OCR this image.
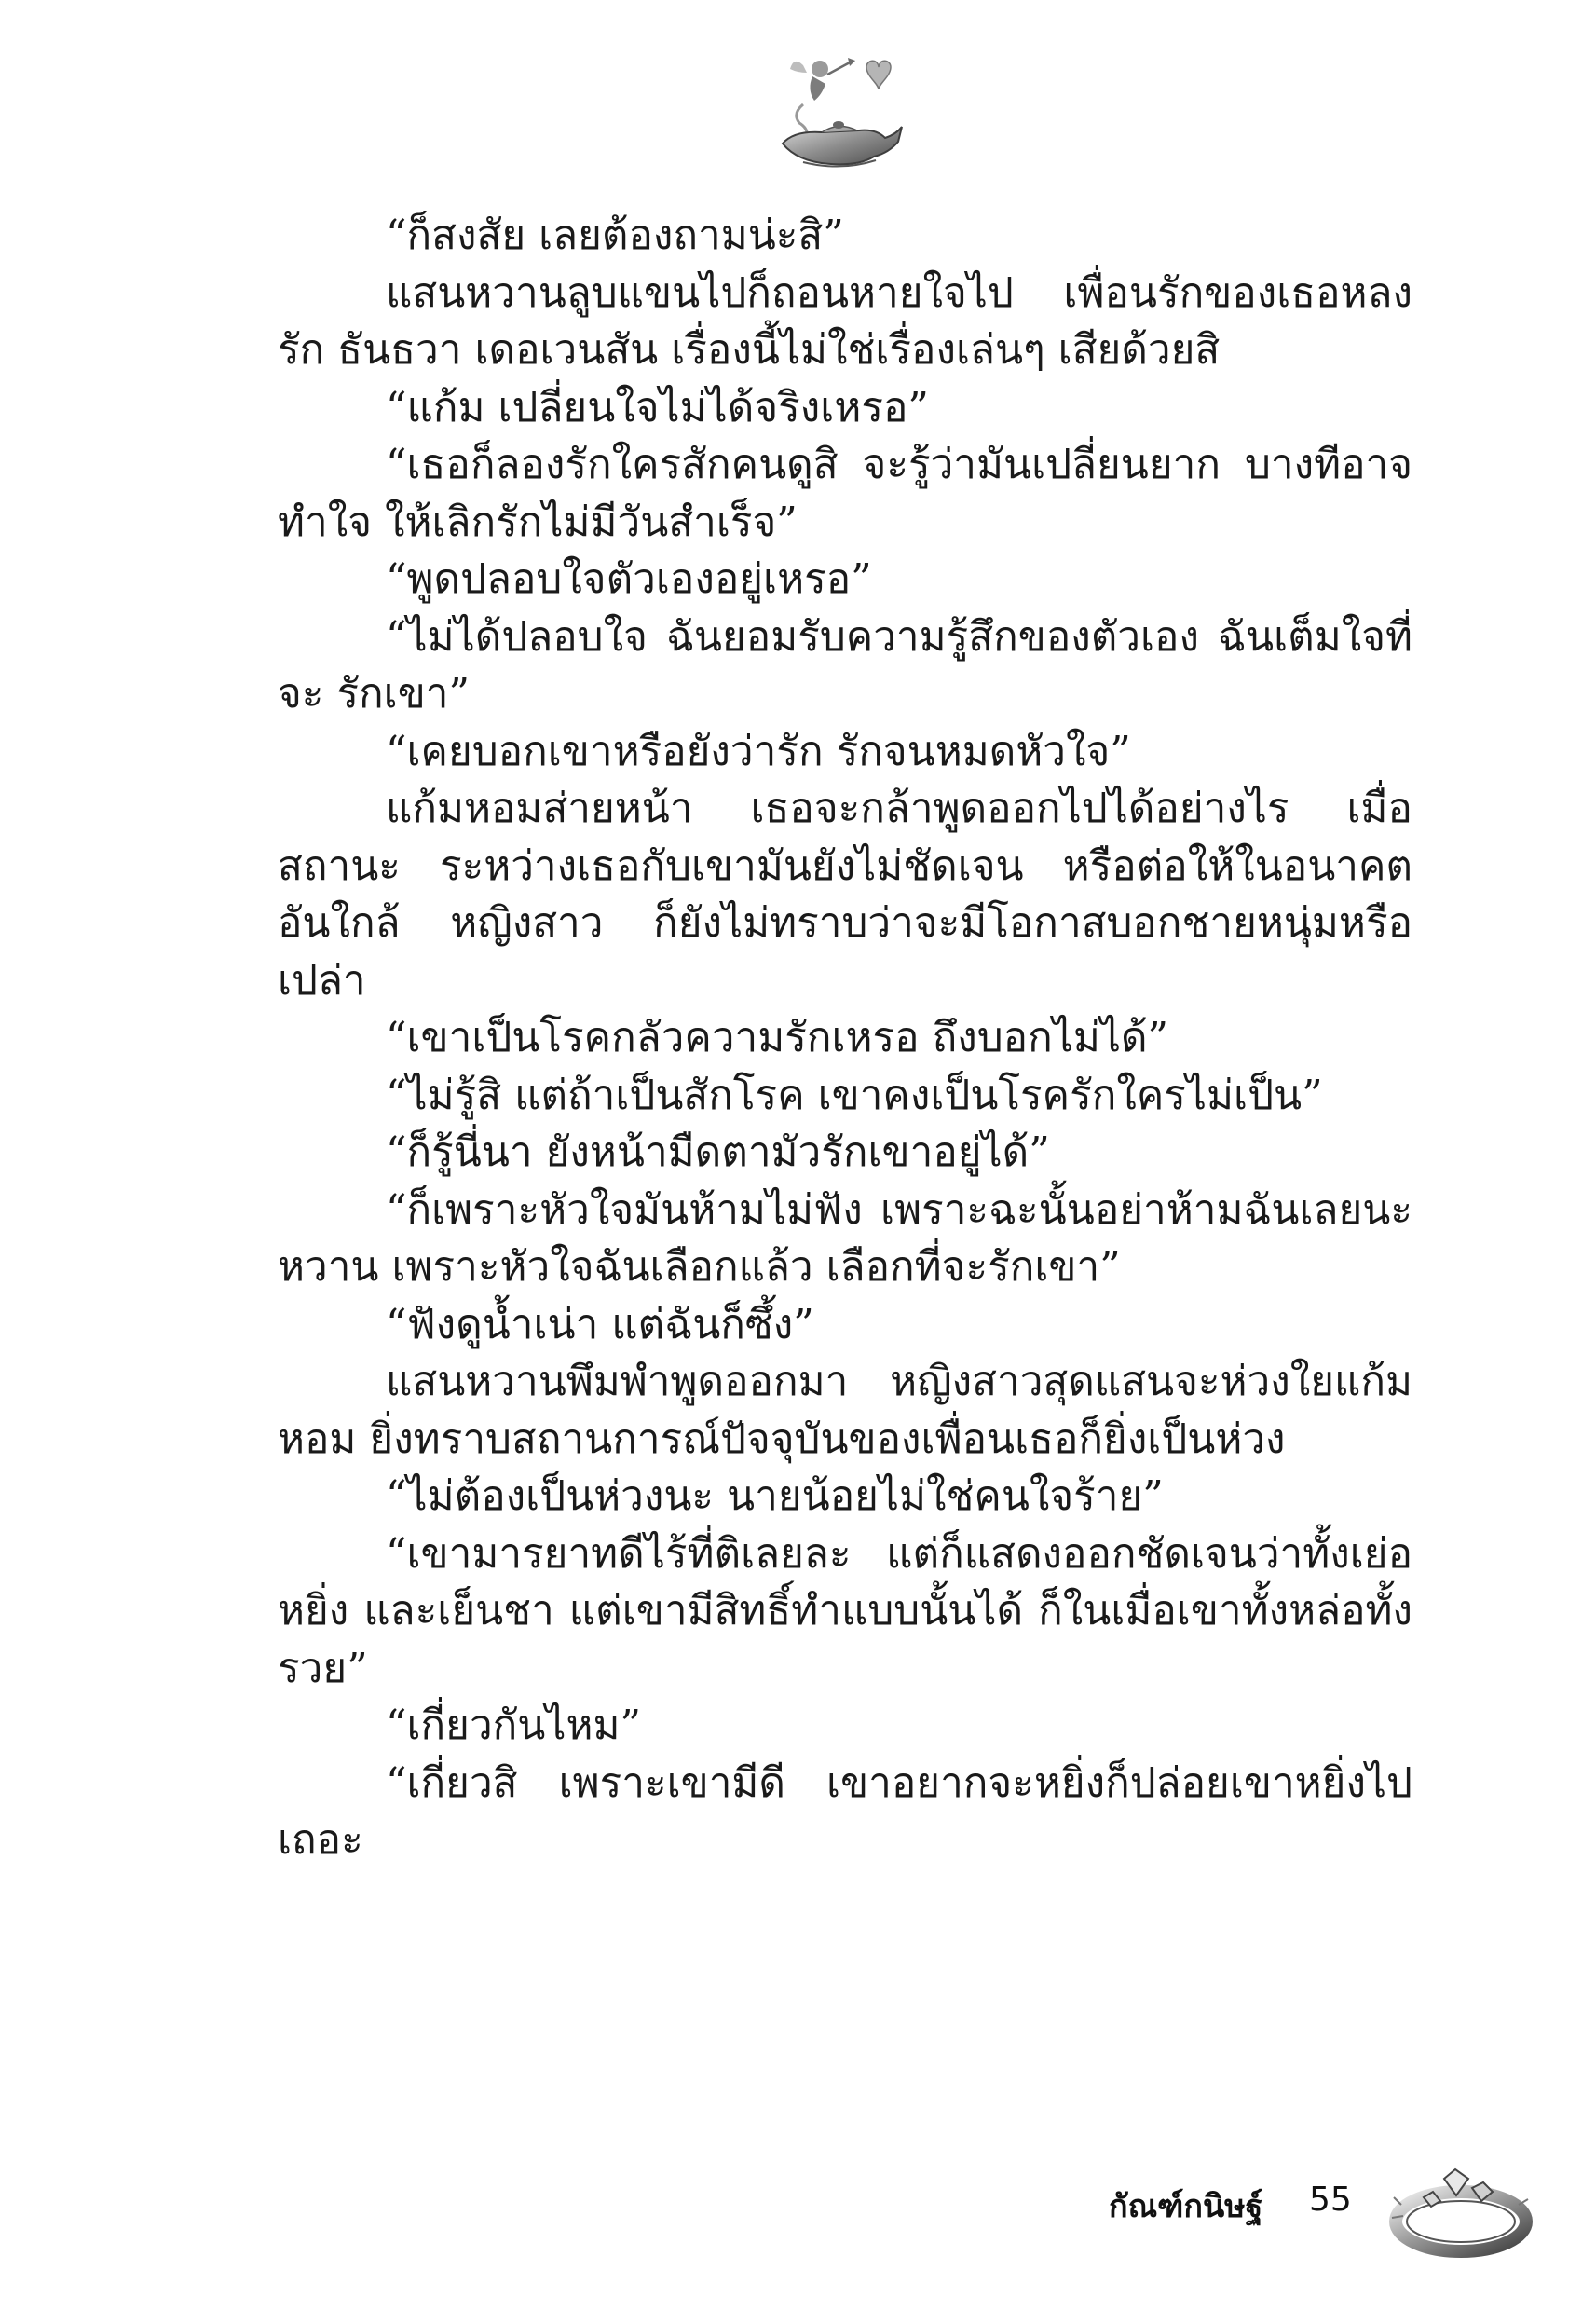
“ก็สงสัย เลยต้องถามน่ะสิ”

แสนหวานลูบแขนไปก็ถอนหายใจไป เพื่อนรักของเธอหลงรัก ธันธวา เดอเวนสัน เรื่องนี้ไม่ใช่เรื่องเล่นๆ เสียด้วยสิ

“แก้ม เปลี่ยนใจไม่ได้จริงเหรอ”

“เธอก็ลองรักใครสักคนดูสิ จะรู้ว่ามันเปลี่ยนยาก บางทีอาจทำใจ ให้เลิกรักไม่มีวันสำเร็จ”

“พูดปลอบใจตัวเองอยู่เหรอ”

“ไม่ได้ปลอบใจ ฉันยอมรับความรู้สึกของตัวเอง ฉันเต็มใจที่จะ รักเขา”

“เคยบอกเขาหรือยังว่ารัก รักจนหมดหัวใจ”

แก้มหอมส่ายหน้า เธอจะกล้าพูดออกไปได้อย่างไร เมื่อสถานะ ระหว่างเธอกับเขามันยังไม่ชัดเจน หรือต่อให้ในอนาคตอันใกล้ หญิงสาว ก็ยังไม่ทราบว่าจะมีโอกาสบอกชายหนุ่มหรือเปล่า

“เขาเป็นโรคกลัวความรักเหรอ ถึงบอกไม่ได้”

“ไม่รู้สิ แต่ถ้าเป็นสักโรค เขาคงเป็นโรครักใครไม่เป็น”

“ก็รู้นี่นา ยังหน้ามืดตามัวรักเขาอยู่ได้”

“ก็เพราะหัวใจมันห้ามไม่ฟัง เพราะฉะนั้นอย่าห้ามฉันเลยนะหวาน เพราะหัวใจฉันเลือกแล้ว เลือกที่จะรักเขา”

“ฟังดูน้ำเน่า แต่ฉันก็ซึ้ง”

แสนหวานพึมพำพูดออกมา หญิงสาวสุดแสนจะห่วงใยแก้มหอม ยิ่งทราบสถานการณ์ปัจจุบันของเพื่อนเธอก็ยิ่งเป็นห่วง

“ไม่ต้องเป็นห่วงนะ นายน้อยไม่ใช่คนใจร้าย”

“เขามารยาทดีไร้ที่ติเลยละ แต่ก็แสดงออกชัดเจนว่าทั้งเย่อหยิ่ง และเย็นชา แต่เขามีสิทธิ์ทำแบบนั้นได้ ก็ในเมื่อเขาทั้งหล่อทั้งรวย”

“เกี่ยวกันไหม”

“เกี่ยวสิ เพราะเขามีดี เขาอยากจะหยิ่งก็ปล่อยเขาหยิ่งไปเถอะ

กัณฑ์กนิษฐ์ 55
